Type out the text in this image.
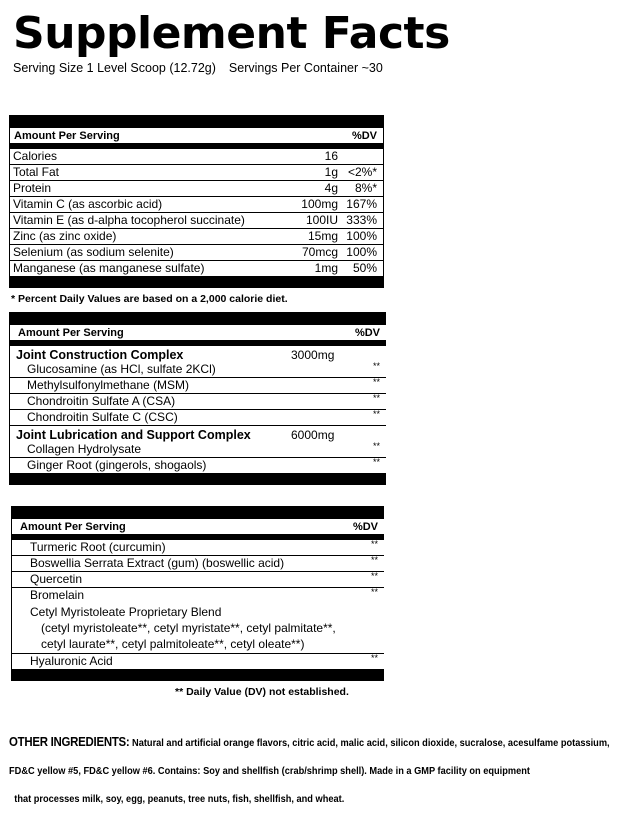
Supplement Facts
Serving Size 1 Level Scoop (12.72g) Servings Per Container ~30
Amount Per Serving	%DV
Calories	16
Total Fat	1g <2%*
Protein	4g 8%*
Vitamin C (as ascorbic acid)	100mg 167%
Vitamin E (as d-alpha tocopherol succinate)	100IU 333%
Zinc (as zinc oxide)	15mg 100%
Selenium (as sodium selenite)	70mcg 100%
Manganese (as manganese sulfate)	1mg 50%
* Percent Daily Values are based on a 2,000 calorie diet.
Amount Per Serving	%DV
Joint Construction Complex	3000mg
Glucosamine (as HCl, sulfate 2KCl)	**
Methylsulfonylmethane (MSM)	**
Chondroitin Sulfate A (CSA)	**
Chondroitin Sulfate C (CSC)	**
Joint Lubrication and Support Complex	6000mg
Collagen Hydrolysate	**
Ginger Root (gingerols, shogaols)	**
Amount Per Serving	%DV
Turmeric Root (curcumin)	**
Boswellia Serrata Extract (gum) (boswellic acid)	**
Quercetin	**
Bromelain	**
Cetyl Myristoleate Proprietary Blend
(cetyl myristoleate**, cetyl myristate**, cetyl palmitate**,
cetyl laurate**, cetyl palmitoleate**, cetyl oleate**)
Hyaluronic Acid	**
** Daily Value (DV) not established.
OTHER INGREDIENTS: Natural and artificial orange flavors, citric acid, malic acid, silicon dioxide, sucralose, acesulfame potassium,
FD&C yellow #5, FD&C yellow #6. Contains: Soy and shellfish (crab/shrimp shell). Made in a GMP facility on equipment
that processes milk, soy, egg, peanuts, tree nuts, fish, shellfish, and wheat.
